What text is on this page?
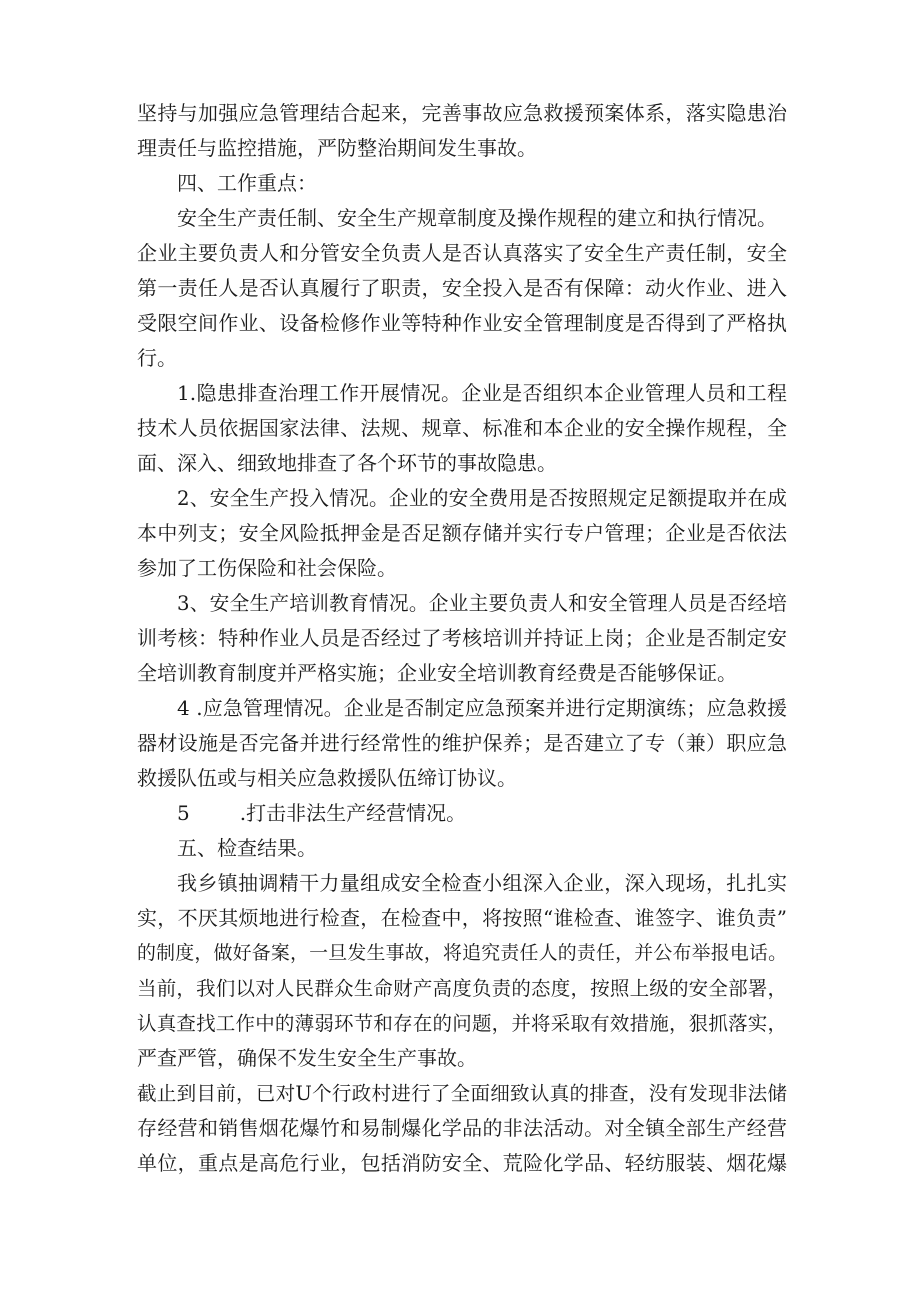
坚持与加强应急管理结合起来，完善事故应急救援预案体系，落实隐患治
理责任与监控措施，严防整治期间发生事故。
四、工作重点：
安全生产责任制、安全生产规章制度及操作规程的建立和执行情况。
企业主要负责人和分管安全负责人是否认真落实了安全生产责任制，安全
第一责任人是否认真履行了职责，安全投入是否有保障：动火作业、进入
受限空间作业、设备检修作业等特种作业安全管理制度是否得到了严格执
行。
1.隐患排查治理工作开展情况。企业是否组织本企业管理人员和工程
技术人员依据国家法律、法规、规章、标准和本企业的安全操作规程，全
面、深入、细致地排查了各个环节的事故隐患。
2、安全生产投入情况。企业的安全费用是否按照规定足额提取并在成
本中列支；安全风险抵押金是否足额存储并实行专户管理；企业是否依法
参加了工伤保险和社会保险。
3、安全生产培训教育情况。企业主要负责人和安全管理人员是否经培
训考核：特种作业人员是否经过了考核培训并持证上岗；企业是否制定安
全培训教育制度并严格实施；企业安全培训教育经费是否能够保证。
4 .应急管理情况。企业是否制定应急预案并进行定期演练；应急救援
器材设施是否完备并进行经常性的维护保养；是否建立了专（兼）职应急
救援队伍或与相关应急救援队伍缔订协议。
5	.打击非法生产经营情况。
五、检查结果。
我乡镇抽调精干力量组成安全检查小组深入企业，深入现场，扎扎实
实，不厌其烦地进行检查，在检查中，将按照“谁检查、谁签字、谁负责”
的制度，做好备案，一旦发生事故，将追究责任人的责任，并公布举报电话。
当前，我们以对人民群众生命财产高度负责的态度，按照上级的安全部署，
认真查找工作中的薄弱环节和存在的问题，并将采取有效措施，狠抓落实，
严查严管，确保不发生安全生产事故。
截止到目前，已对U个行政村进行了全面细致认真的排查，没有发现非法储
存经营和销售烟花爆竹和易制爆化学品的非法活动。对全镇全部生产经营
单位，重点是高危行业，包括消防安全、荒险化学品、轻纺服装、烟花爆
